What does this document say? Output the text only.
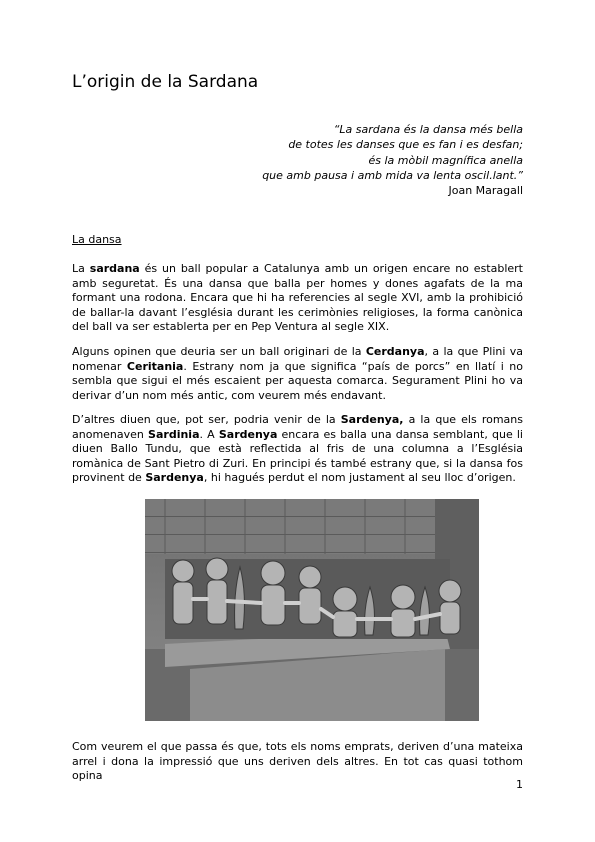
L’origin de la Sardana
“La sardana és la dansa més bella
de totes les danses que es fan i es desfan;
és la mòbil magnífica anella
que amb pausa i amb mida va lenta oscil.lant.”
Joan Maragall
La dansa

La sardana és un ball popular a Catalunya amb un origen encare no establert amb seguretat. És una dansa que balla per homes y dones agafats de la ma formant una rodona. Encara que hi ha referencies al segle XVI, amb la prohibició de ballar-la davant l’església durant les cerimònies religioses, la forma canònica del ball va ser establerta per en Pep Ventura al segle XIX.

Alguns opinen que deuria ser un ball originari de la Cerdanya, a la que Plini va nomenar Ceritania. Estrany nom ja que significa “país de porcs” en llatí i no sembla que sigui el més escaient per aquesta comarca. Segurament Plini ho va derivar d’un nom més antic, com veurem més endavant.

D’altres diuen que, pot ser, podria venir de la Sardenya, a la que els romans anomenaven Sardinia. A Sardenya encara es balla una dansa semblant, que li diuen Ballo Tundu, que està reflectida al fris de una columna a l’Església romànica de Sant Pietro di Zuri. En principi és també estrany que, si la dansa fos provinent de Sardenya, hi hagués perdut el nom justament al seu lloc d’origen.

Com veurem el que passa és que, tots els noms emprats, deriven d’una mateixa arrel i dona la impressió que uns deriven dels altres. En tot cas quasi tothom opina

1
